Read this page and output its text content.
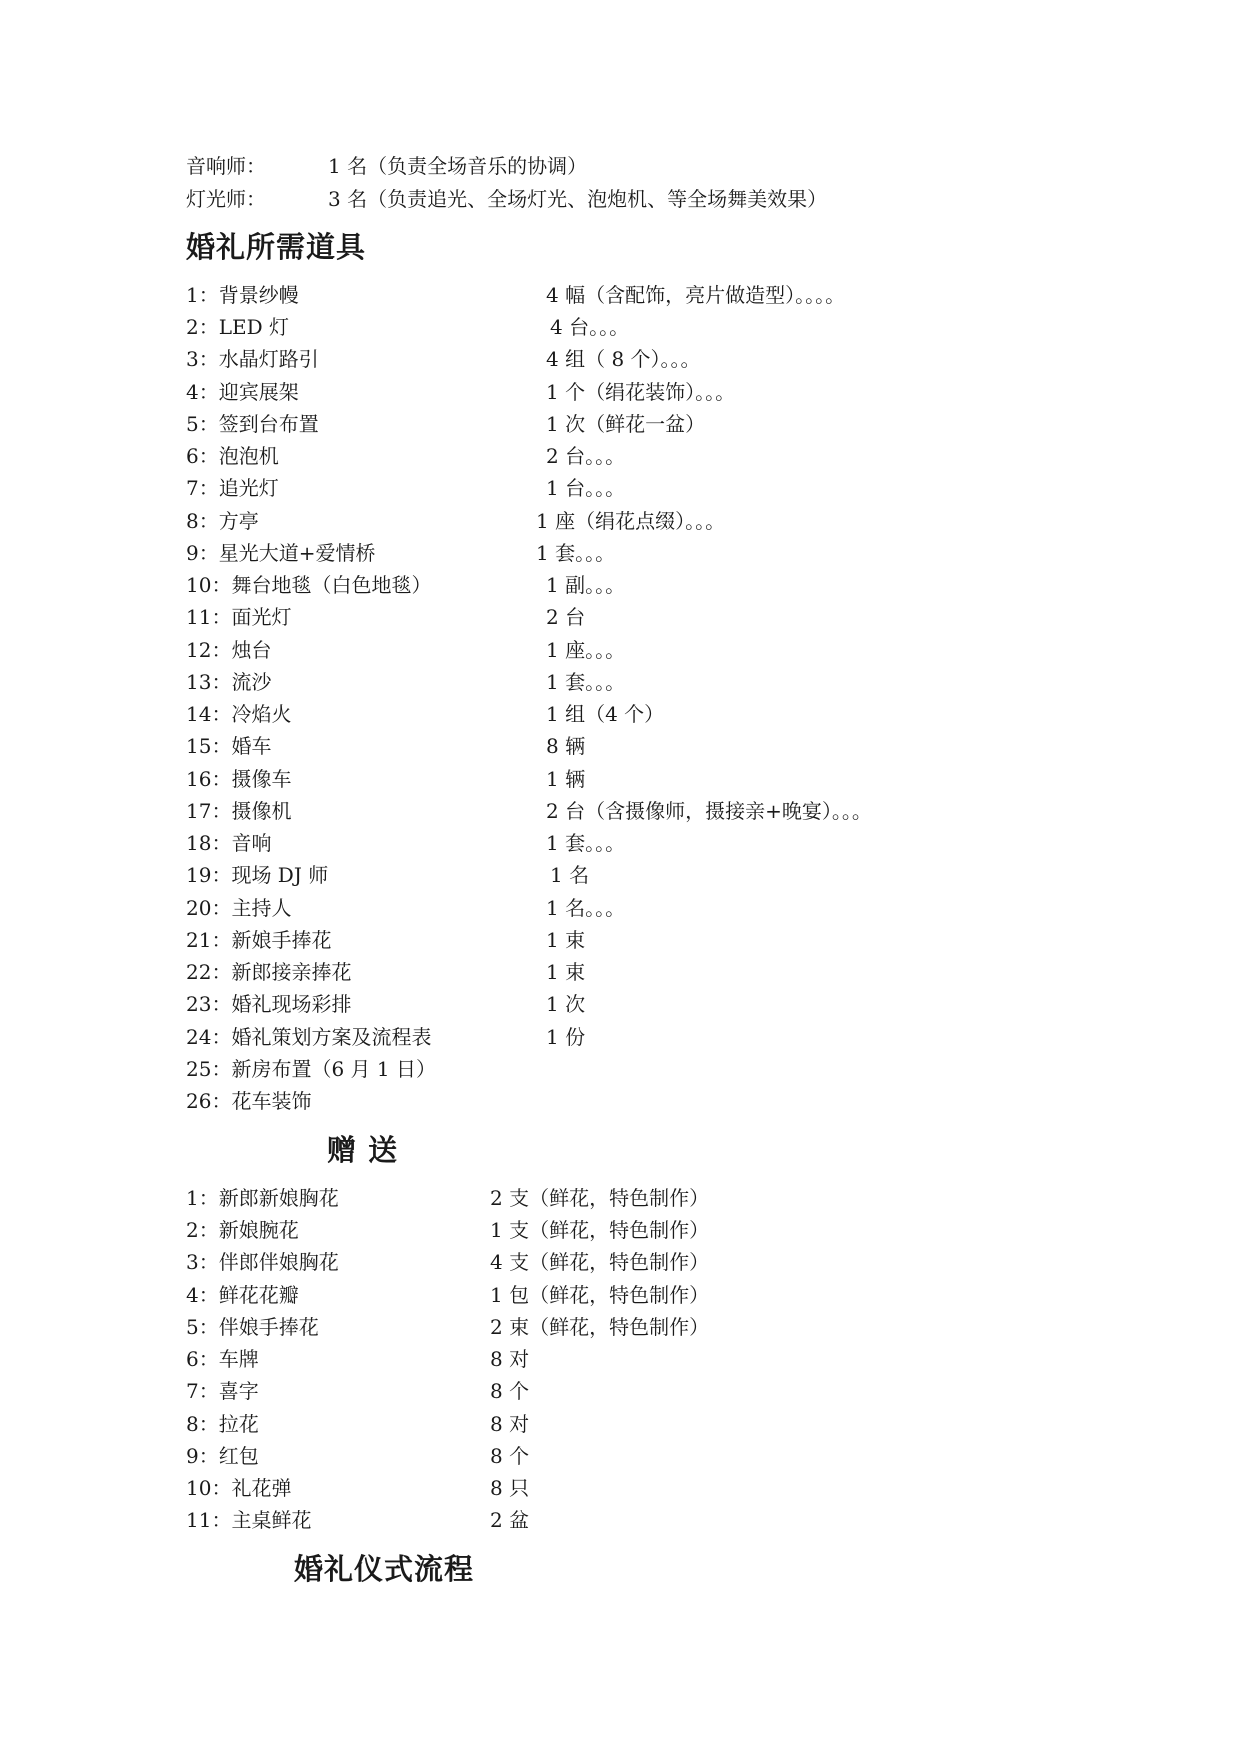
音响师：	1 名（负责全场音乐的协调）
灯光师：	3 名（负责追光、全场灯光、泡炮机、等全场舞美效果）
婚礼所需道具
1：背景纱幔	4 幅（含配饰，亮片做造型）。。。。
2：LED 灯	4 台。。。
3：水晶灯路引	4 组（ 8 个）。。。
4：迎宾展架	1 个（绢花装饰）。。。
5：签到台布置	1 次（鲜花一盆）
6：泡泡机	2 台。。。
7：追光灯	1 台。。。
8：方亭	1 座（绢花点缀）。。。
9：星光大道+爱情桥	1 套。。。
10：舞台地毯（白色地毯）	1 副。。。
11：面光灯	2 台
12：烛台	1 座。。。
13：流沙	1 套。。。
14：冷焰火	1 组（4 个）
15：婚车	8 辆
16：摄像车	1 辆
17：摄像机	2 台（含摄像师，摄接亲+晚宴）。。。
18：音响	1 套。。。
19：现场 DJ 师	1 名
20：主持人	1 名。。。
21：新娘手捧花	1 束
22：新郎接亲捧花	1 束
23：婚礼现场彩排	1 次
24：婚礼策划方案及流程表	1 份
25：新房布置（6 月 1 日）
26：花车装饰
赠 送
1：新郎新娘胸花	2 支（鲜花，特色制作）
2：新娘腕花	1 支（鲜花，特色制作）
3：伴郎伴娘胸花	4 支（鲜花，特色制作）
4：鲜花花瓣	1 包（鲜花，特色制作）
5：伴娘手捧花	2 束（鲜花，特色制作）
6：车牌	8 对
7：喜字	8 个
8：拉花	8 对
9：红包	8 个
10：礼花弹	8 只
11：主桌鲜花	2 盆
婚礼仪式流程
